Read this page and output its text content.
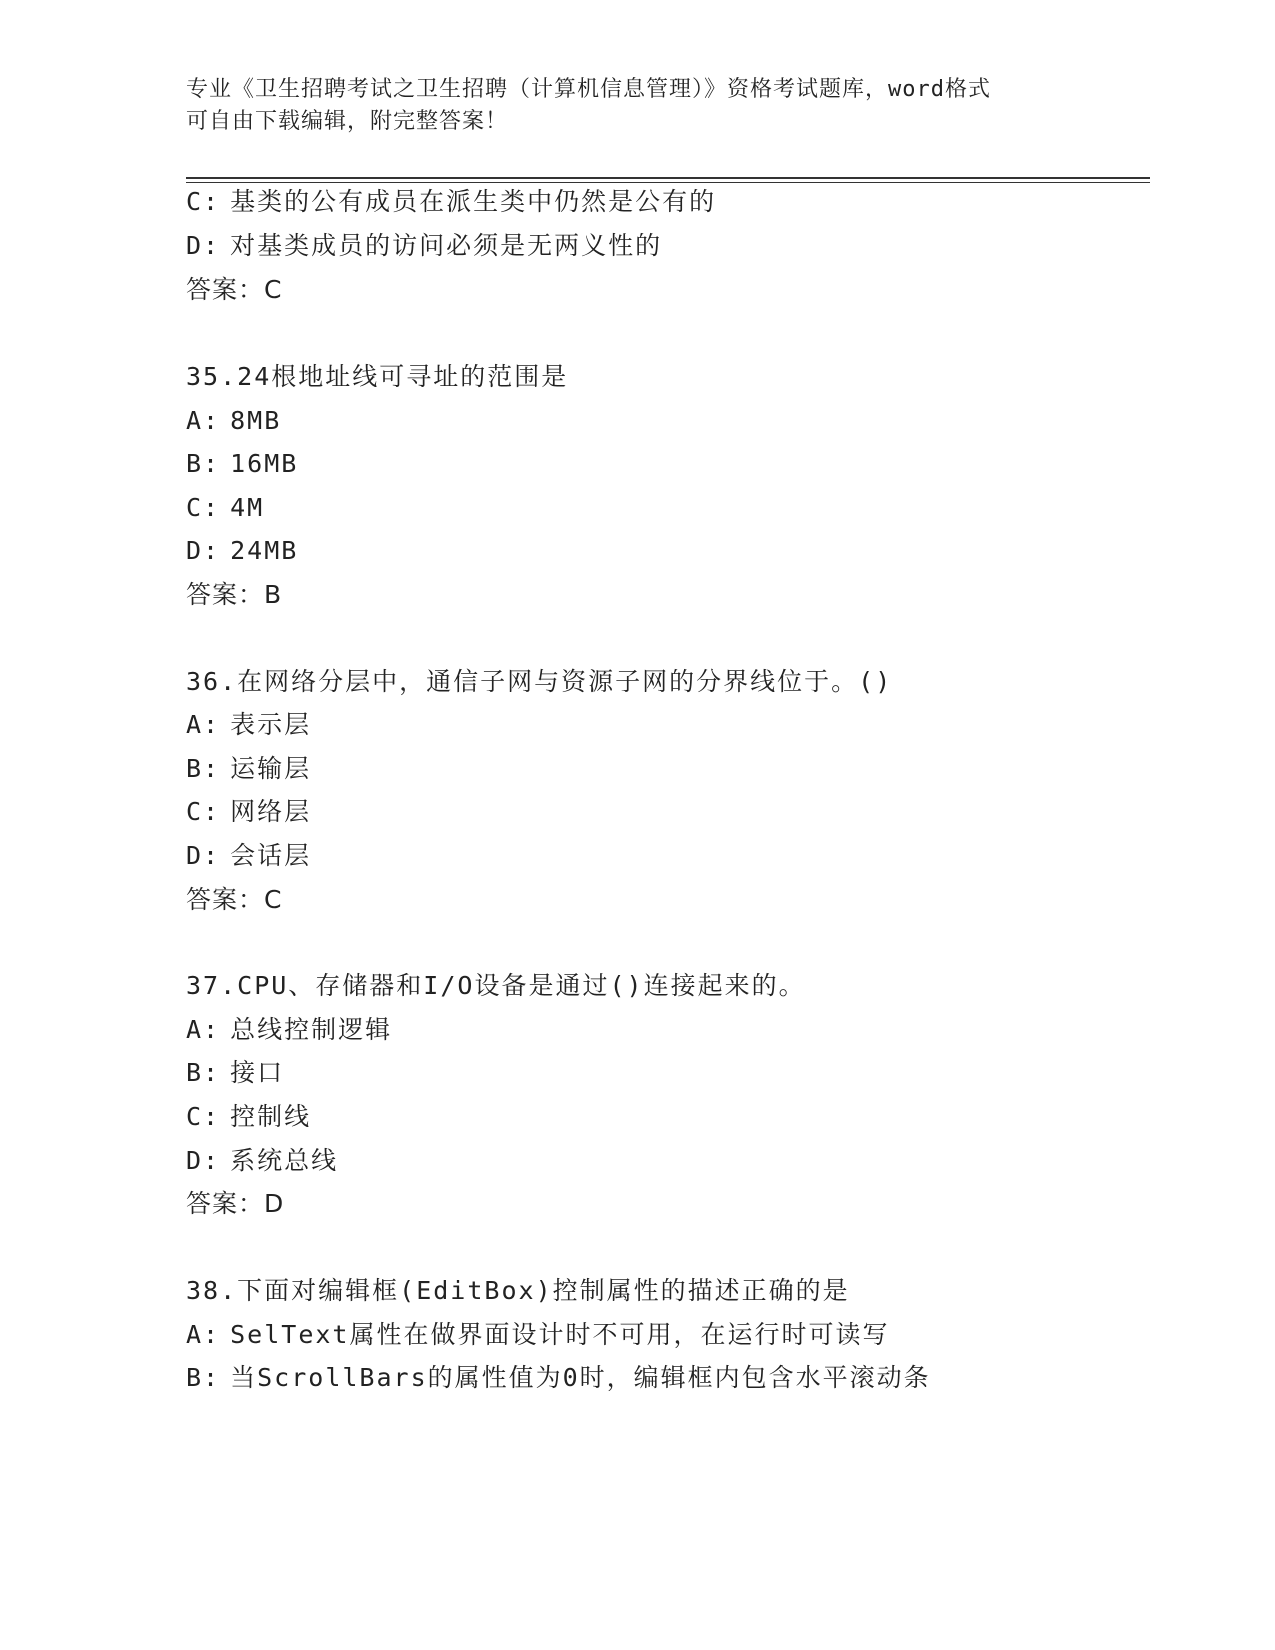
专业《卫生招聘考试之卫生招聘（计算机信息管理）》资格考试题库，word格式
可自由下载编辑，附完整答案！
C: 基类的公有成员在派生类中仍然是公有的
D: 对基类成员的访问必须是无两义性的
答案：C
35.24根地址线可寻址的范围是
A: 8MB
B: 16MB
C: 4M
D: 24MB
答案：B
36.在网络分层中，通信子网与资源子网的分界线位于。()
A: 表示层
B: 运输层
C: 网络层
D: 会话层
答案：C
37.CPU、存储器和I/O设备是通过()连接起来的。
A: 总线控制逻辑
B: 接口
C: 控制线
D: 系统总线
答案：D
38.下面对编辑框(EditBox)控制属性的描述正确的是
A: SelText属性在做界面设计时不可用，在运行时可读写
B: 当ScrollBars的属性值为0时，编辑框内包含水平滚动条
